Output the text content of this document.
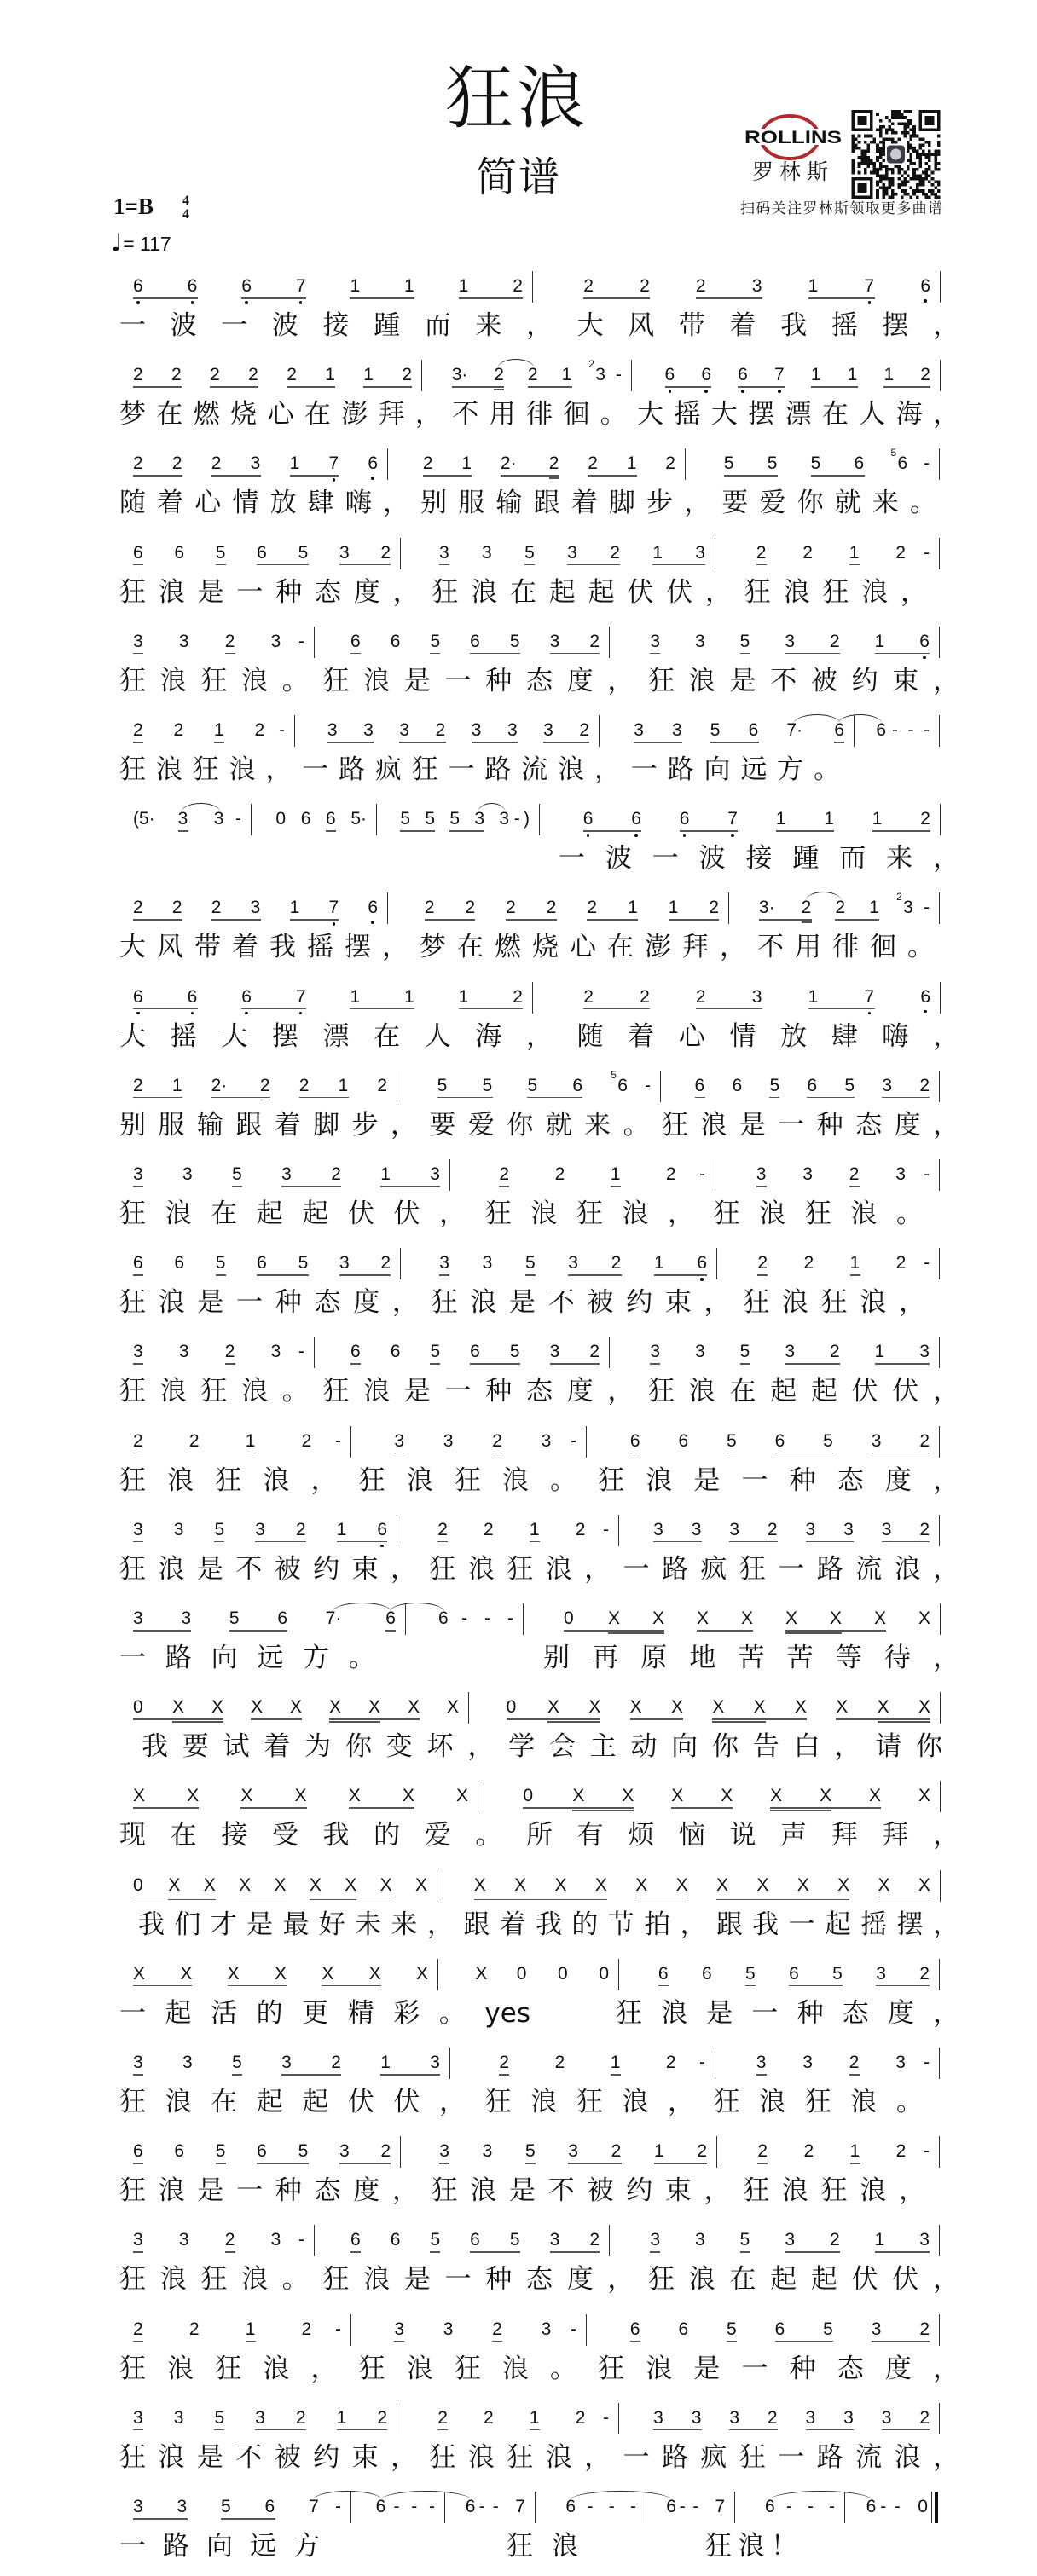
狂浪
简谱
1=B	4
4
♩= 117
ROLLINS
罗林斯
扫码关注罗林斯领取更多曲谱
6	6	6	7	1	1	1	2	2	2	2	3	1	7	6
一波一波接踵而来，大风带着我摇摆，
2	2	2	2	2	1	1	2 3·	2	2	1	3
2
- 6	6	6	7	1	1	1	2
梦在燃烧心在澎拜，不用徘徊。大摇大摆漂在人海，
2	2	2	3	1	7	6	2	1	2·	2	2	1	2	5	5	5	6	6
5
-
随着心情放肆嗨，别服输跟着脚步，要爱你就来。
6	6	5	6	5	3	2	3	3	5	3	2	1	3	2	2	1	2	-
狂浪是一种态度，狂浪在起起伏伏，狂浪狂浪，
3	3	2	3 -	6	6	5	6	5	3	2	3	3	5	3	2	1	6
狂浪狂浪。狂浪是一种态度，狂浪是不被约束，
2	2	1	2 - 3	3	3	2	3	3	3	2 3	3	5	6	7·	6 6 - - -
狂浪狂浪，一路疯狂一路流浪，一路向远方。
(5·	3	3 - 0 6 6 5· 5 5 5 3 3 - )	6	6	6	7	1	1	1	2
一波一波接踵而来，
2	2	2	3	1	7	6	2	2	2	2	2	1	1	2 3·	2	2	1	3
2
-
大风带着我摇摆，梦在燃烧心在澎拜，不用徘徊。
6	6	6	7	1	1	1	2	2	2	2	3	1	7	6
大摇大摆漂在人海，随着心情放肆嗨，
2	1	2·	2	2	1	2	5	5	5	6	6
5
- 6	6	5	6	5	3	2
别服输跟着脚步，要爱你就来。狂浪是一种态度，
3	3	5	3	2	1	3	2	2	1	2	-	3	3	2	3	-
狂浪在起起伏伏，狂浪狂浪，狂浪狂浪。
6	6	5	6	5	3	2	3	3	5	3	2	1	6	2	2	1	2 -
狂浪是一种态度，狂浪是不被约束，狂浪狂浪，
3	3	2	3 -	6	6	5	6	5	3	2	3	3	5	3	2	1	3
狂浪狂浪。狂浪是一种态度，狂浪在起起伏伏，
2	2	1	2	-	3	3	2	3	-	6	6	5	6	5	3	2
狂浪狂浪，狂浪狂浪。狂浪是一种态度，
3	3	5	3	2	1	6	2	2	1	2 - 3	3	3	2	3	3	3	2
狂浪是不被约束，狂浪狂浪，一路疯狂一路流浪，
3	3	5	6	7·	6 6 - - -	0	X	X	X	X	X	X	X	X
一路向远方。	别再原地苦苦等待，
0	X	X	X	X	X	X	X	X	0	X	X	X	X	X	X	X	X	X	X
我要试着为你变坏，学会主动向你告白，请你
X	X	X	X	X	X	X	0	X	X	X	X	X	X	X	X
现在接受我的爱。所有烦恼说声拜拜，
0	X	X	X	X	X	X	X	X	X	X	X	X	X	X	X	X	X	X	X	X
我们才是最好未来，跟着我的节拍，跟我一起摇摆，
X	X	X	X	X	X	X	X	0	0	0	6	6	5	6	5	3	2
一起活的更精彩。yes	狂浪是一种态度，
3	3	5	3	2	1	3	2	2	1	2	-	3	3	2	3	-
狂浪在起起伏伏，狂浪狂浪，狂浪狂浪。
6	6	5	6	5	3	2	3	3	5	3	2	1	2	2	2	1	2 -
狂浪是一种态度，狂浪是不被约束，狂浪狂浪，
3	3	2	3 -	6	6	5	6	5	3	2	3	3	5	3	2	1	3
狂浪狂浪。狂浪是一种态度，狂浪在起起伏伏，
2	2	1	2	-	3	3	2	3	-	6	6	5	6	5	3	2
狂浪狂浪，狂浪狂浪。狂浪是一种态度，
3	3	5	3	2	1	2	2	2	1	2 - 3	3	3	2	3	3	3	2
狂浪是不被约束，狂浪狂浪，一路疯狂一路流浪，
3	3	5	6	7 - 6 - - - 6 - - 7 6 - - - 6 - - 7 6 - - - 6 - - 0
一路向远方	狂浪	狂浪！
